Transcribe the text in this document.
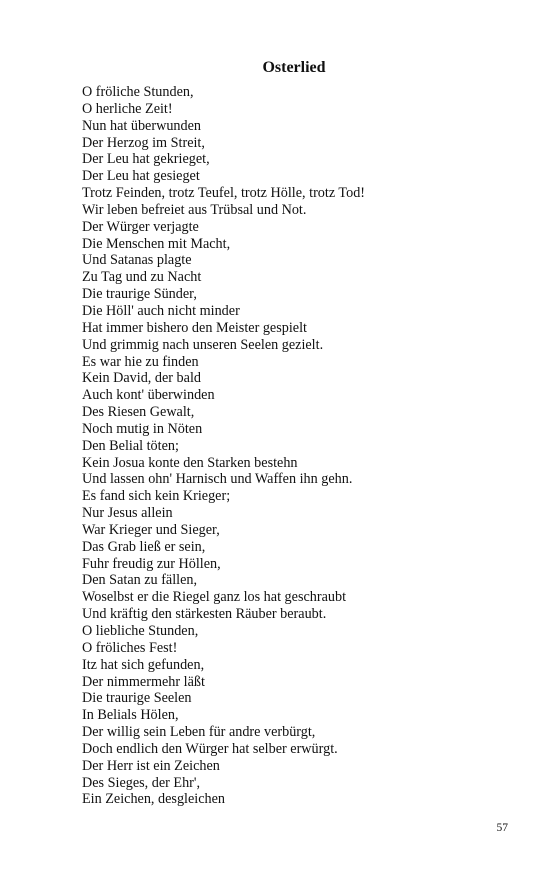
Osterlied
O fröliche Stunden,
O herliche Zeit!
Nun hat überwunden
Der Herzog im Streit,
Der Leu hat gekrieget,
Der Leu hat gesieget
Trotz Feinden, trotz Teufel, trotz Hölle, trotz Tod!
Wir leben befreiet aus Trübsal und Not.
Der Würger verjagte
Die Menschen mit Macht,
Und Satanas plagte
Zu Tag und zu Nacht
Die traurige Sünder,
Die Höll' auch nicht minder
Hat immer bishero den Meister gespielt
Und grimmig nach unseren Seelen gezielt.
Es war hie zu finden
Kein David, der bald
Auch kont' überwinden
Des Riesen Gewalt,
Noch mutig in Nöten
Den Belial töten;
Kein Josua konte den Starken bestehn
Und lassen ohn' Harnisch und Waffen ihn gehn.
Es fand sich kein Krieger;
Nur Jesus allein
War Krieger und Sieger,
Das Grab ließ er sein,
Fuhr freudig zur Höllen,
Den Satan zu fällen,
Woselbst er die Riegel ganz los hat geschraubt
Und kräftig den stärkesten Räuber beraubt.
O liebliche Stunden,
O fröliches Fest!
Itz hat sich gefunden,
Der nimmermehr läßt
Die traurige Seelen
In Belials Hölen,
Der willig sein Leben für andre verbürgt,
Doch endlich den Würger hat selber erwürgt.
Der Herr ist ein Zeichen
Des Sieges, der Ehr',
Ein Zeichen, desgleichen
57
